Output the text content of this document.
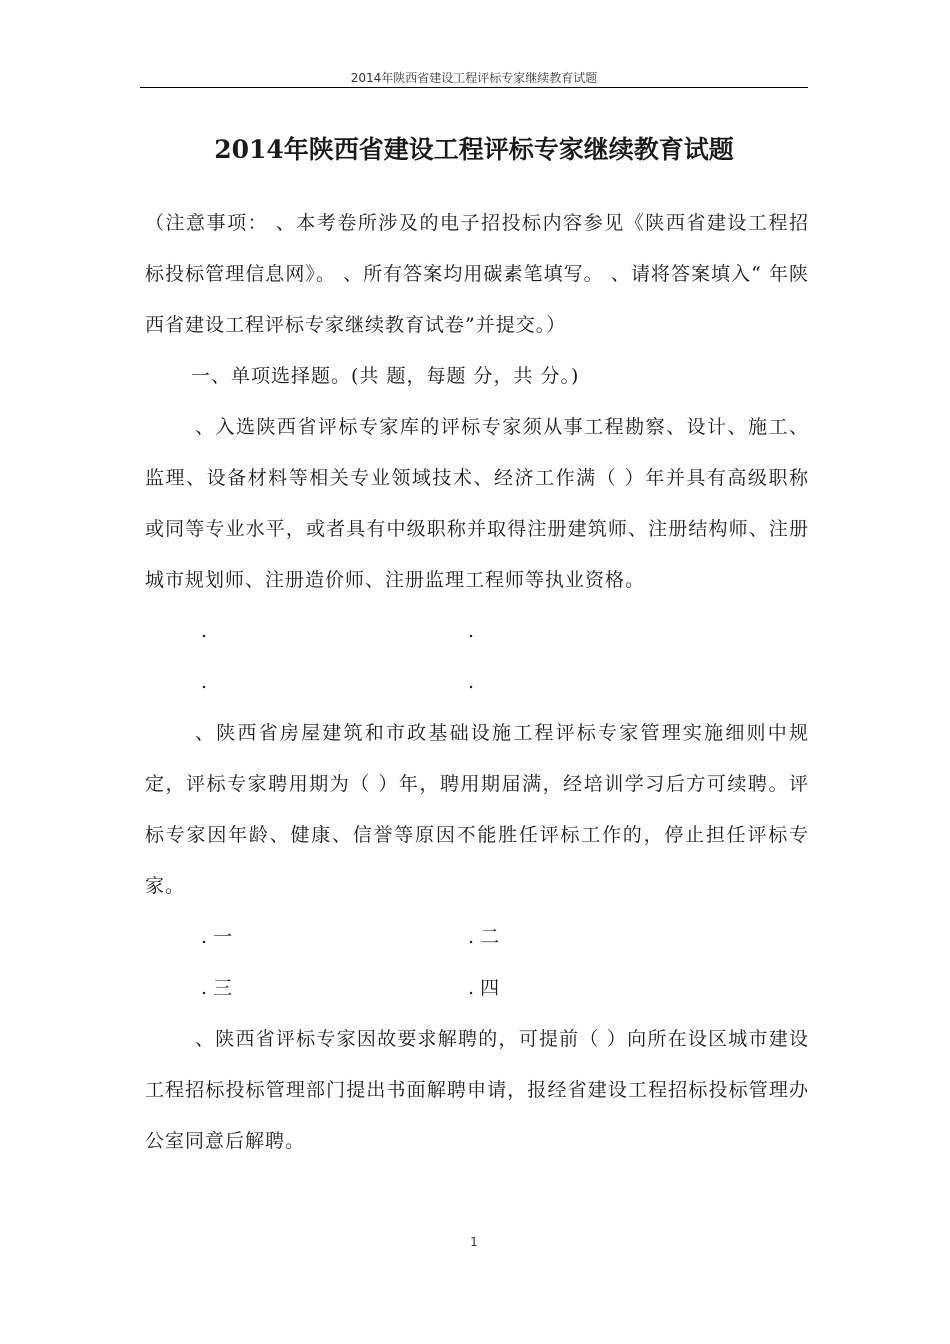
2014年陕西省建设工程评标专家继续教育试题
2014年陕西省建设工程评标专家继续教育试题

（注意事项： 、本考卷所涉及的电子招投标内容参见《陕西省建设工程招标投标管理信息网》。 、所有答案均用碳素笔填写。 、请将答案填入“ 年陕西省建设工程评标专家继续教育试卷”并提交。）

一、单项选择题。(共 题，每题 分，共 分。)

、入选陕西省评标专家库的评标专家须从事工程勘察、设计、施工、监理、设备材料等相关专业领域技术、经济工作满（ ）年并具有高级职称或同等专业水平，或者具有中级职称并取得注册建筑师、注册结构师、注册城市规划师、注册造价师、注册监理工程师等执业资格。

.	.
.	.

、陕西省房屋建筑和市政基础设施工程评标专家管理实施细则中规定，评标专家聘用期为（ ）年，聘用期届满，经培训学习后方可续聘。评标专家因年龄、健康、信誉等原因不能胜任评标工作的，停止担任评标专家。

. 一	. 二
. 三	. 四

、陕西省评标专家因故要求解聘的，可提前（ ）向所在设区城市建设工程招标投标管理部门提出书面解聘申请，报经省建设工程招标投标管理办公室同意后解聘。

1
